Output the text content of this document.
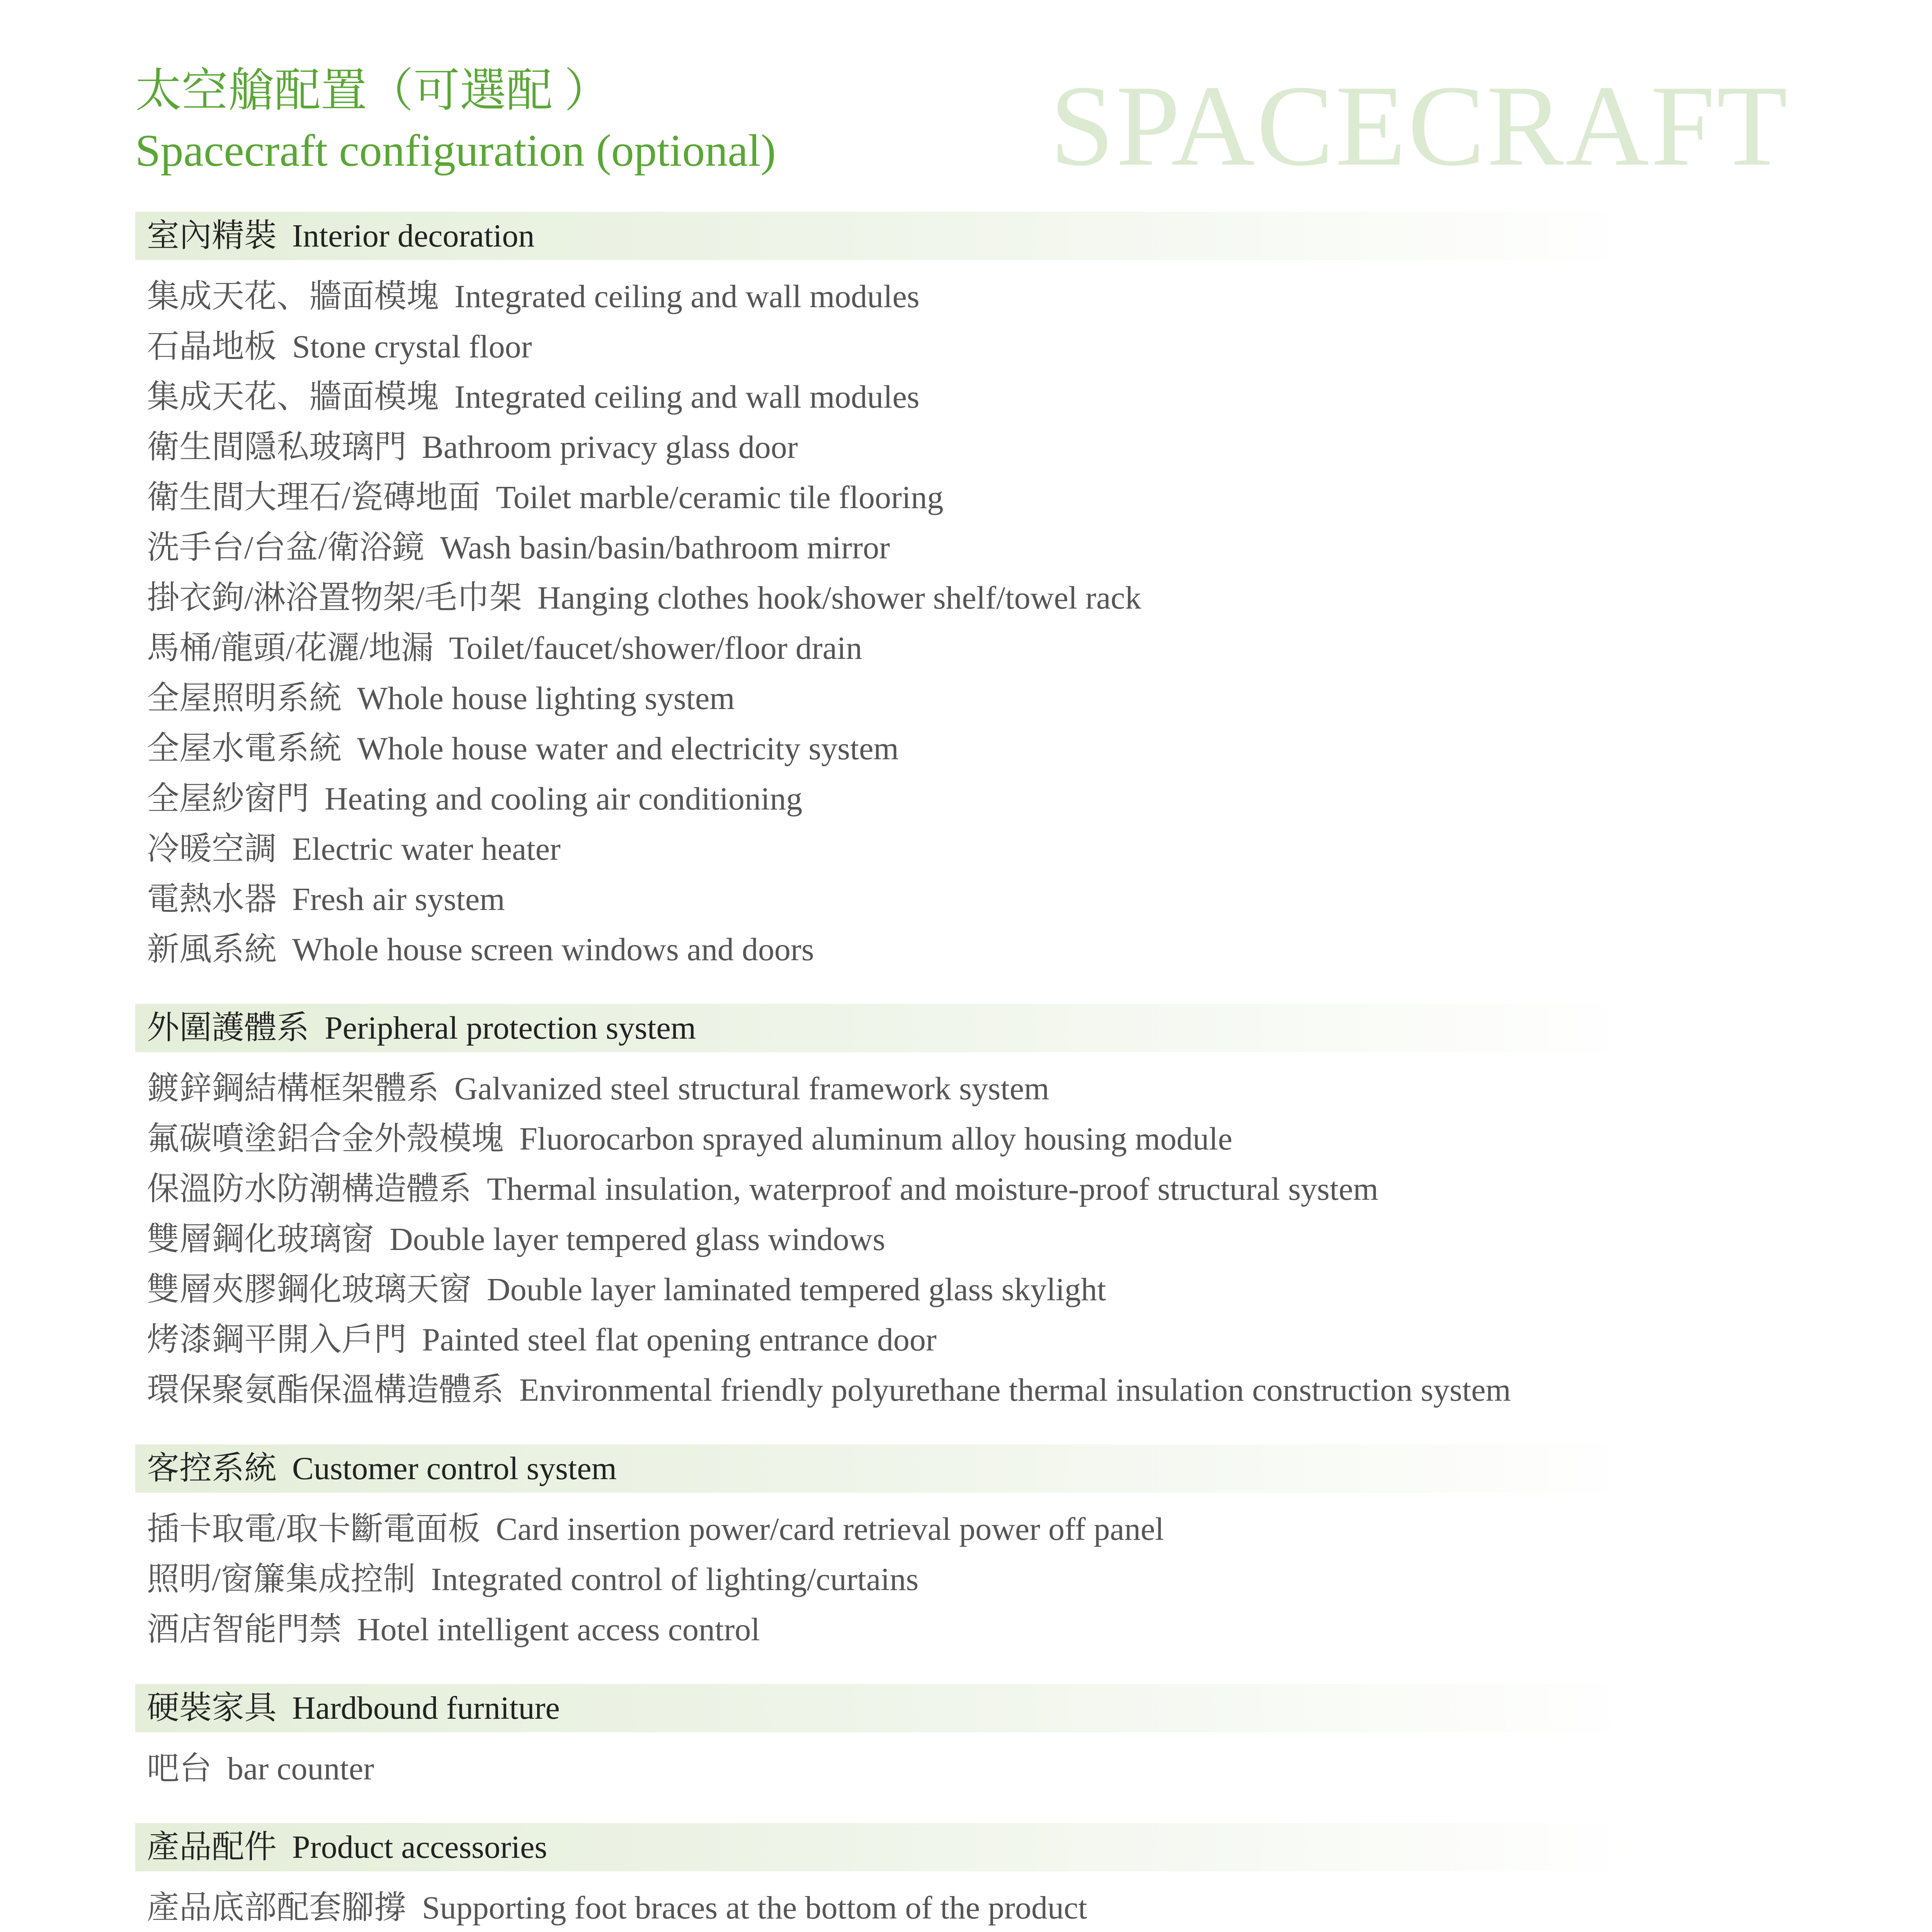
太空艙配置（可選配 ）
Spacecraft configuration (optional) SPACECRAFT
室內精裝 Interior decoration
集成天花、牆面模塊 Integrated ceiling and wall modules
石晶地板 Stone crystal floor
集成天花、牆面模塊 Integrated ceiling and wall modules
衛生間隱私玻璃門 Bathroom privacy glass door
衛生間大理石/瓷磚地面 Toilet marble/ceramic tile flooring
洗手台/台盆/衛浴鏡 Wash basin/basin/bathroom mirror
掛衣鉤/淋浴置物架/毛巾架 Hanging clothes hook/shower shelf/towel rack
馬桶/龍頭/花灑/地漏 Toilet/faucet/shower/floor drain
全屋照明系統 Whole house lighting system
全屋水電系統 Whole house water and electricity system
全屋紗窗門 Heating and cooling air conditioning
冷暖空調 Electric water heater
電熱水器 Fresh air system
新風系統 Whole house screen windows and doors
外圍護體系 Peripheral protection system
鍍鋅鋼結構框架體系 Galvanized steel structural framework system
氟碳噴塗鋁合金外殼模塊 Fluorocarbon sprayed aluminum alloy housing module
保溫防水防潮構造體系 Thermal insulation, waterproof and moisture-proof structural system
雙層鋼化玻璃窗 Double layer tempered glass windows
雙層夾膠鋼化玻璃天窗 Double layer laminated tempered glass skylight
烤漆鋼平開入戶門 Painted steel flat opening entrance door
環保聚氨酯保溫構造體系 Environmental friendly polyurethane thermal insulation construction system
客控系統 Customer control system
插卡取電/取卡斷電面板 Card insertion power/card retrieval power off panel
照明/窗簾集成控制 Integrated control of lighting/curtains
酒店智能門禁 Hotel intelligent access control
硬裝家具 Hardbound furniture
吧台 bar counter
產品配件 Product accessories
產品底部配套腳撐 Supporting foot braces at the bottom of the product
